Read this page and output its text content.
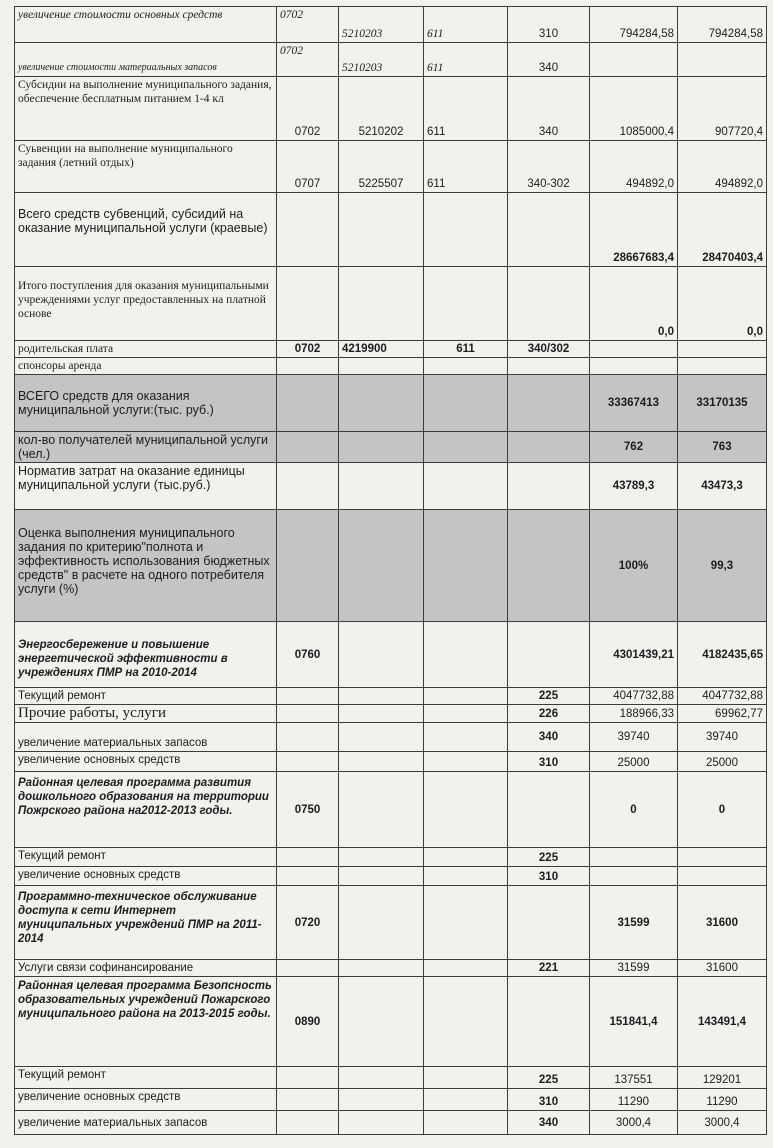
увеличение стоимости основных средств	0702	5210203	611	310	794284,58	794284,58
увеличение стоимости материальных запасов	0702	5210203	611	340		
Субсидии на выполнение муниципального задания, обеспечение бесплатным питанием 1-4 кл	0702	5210202	611	340	1085000,4	907720,4
Суьвенции на выполнение муниципального задания (летний отдых)	0707	5225507	611	340-302	494892,0	494892,0
Всего средств субвенций, субсидий на оказание муниципальной услуги (краевые)					28667683,4	28470403,4
Итого поступления для оказания муниципальными учреждениями услуг предоставленных на платной основе					0,0	0,0
родительская плата	0702	4219900	611	340/302		
спонсоры аренда						
ВСЕГО средств для оказания муниципальной услуги:(тыс. руб.)					33367413	33170135
кол-во получателей муниципальной услуги (чел.)					762	763
Норматив затрат на оказание единицы муниципальной услуги (тыс.руб.)					43789,3	43473,3
Оценка выполнения муниципального задания по критерию"полнота и эффективность использования бюджетных средств" в расчете на одного потребителя услуги (%)					100%	99,3
Энергосбережение и повышение энергетической эффективности в учреждениях ПМР на 2010-2014	0760				4301439,21	4182435,65
Текущий ремонт				225	4047732,88	4047732,88
Прочие работы, услуги				226	188966,33	69962,77
увеличение материальных запасов				340	39740	39740
увеличение основных средств				310	25000	25000
Районная целевая программа развития дошкольного образования на территории Пожрского района на2012-2013 годы.	0750				0	0
Текущий ремонт				225		
увеличение основных средств				310		
Программно-техническое обслуживание доступа к сети Интернет муниципальных учреждений ПМР на 2011-2014	0720				31599	31600
Услуги связи софинансирование				221	31599	31600
Районная целевая программа Безопсность образовательных учреждений Пожарского муниципального района на 2013-2015 годы.	0890				151841,4	143491,4
Текущий ремонт				225	137551	129201
увеличение основных средств				310	11290	11290
увеличение материальных запасов				340	3000,4	3000,4
